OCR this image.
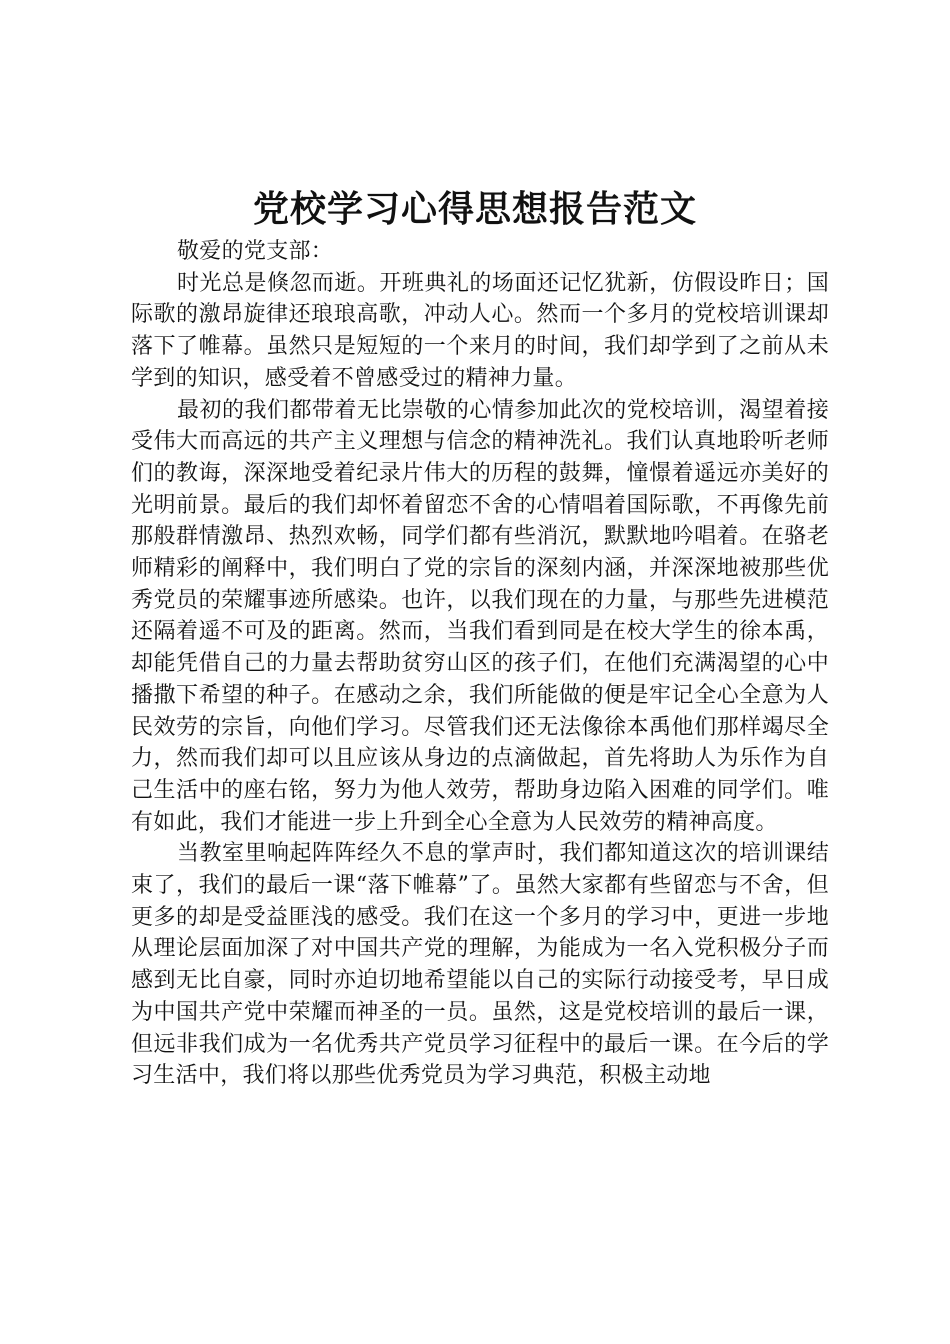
党校学习心得思想报告范文

敬爱的党支部：

时光总是倏忽而逝。开班典礼的场面还记忆犹新，仿假设昨日；国际歌的激昂旋律还琅琅高歌，冲动人心。然而一个多月的党校培训课却落下了帷幕。虽然只是短短的一个来月的时间，我们却学到了之前从未学到的知识，感受着不曾感受过的精神力量。

最初的我们都带着无比崇敬的心情参加此次的党校培训，渴望着接受伟大而高远的共产主义理想与信念的精神洗礼。我们认真地聆听老师们的教诲，深深地受着纪录片伟大的历程的鼓舞，憧憬着遥远亦美好的光明前景。最后的我们却怀着留恋不舍的心情唱着国际歌，不再像先前那般群情激昂、热烈欢畅，同学们都有些消沉，默默地吟唱着。在骆老师精彩的阐释中，我们明白了党的宗旨的深刻内涵，并深深地被那些优秀党员的荣耀事迹所感染。也许，以我们现在的力量，与那些先进模范还隔着遥不可及的距离。然而，当我们看到同是在校大学生的徐本禹，却能凭借自己的力量去帮助贫穷山区的孩子们，在他们充满渴望的心中播撒下希望的种子。在感动之余，我们所能做的便是牢记全心全意为人民效劳的宗旨，向他们学习。尽管我们还无法像徐本禹他们那样竭尽全力，然而我们却可以且应该从身边的点滴做起，首先将助人为乐作为自己生活中的座右铭，努力为他人效劳，帮助身边陷入困难的同学们。唯有如此，我们才能进一步上升到全心全意为人民效劳的精神高度。

当教室里响起阵阵经久不息的掌声时，我们都知道这次的培训课结束了，我们的最后一课“落下帷幕”了。虽然大家都有些留恋与不舍，但更多的却是受益匪浅的感受。我们在这一个多月的学习中，更进一步地从理论层面加深了对中国共产党的理解，为能成为一名入党积极分子而感到无比自豪，同时亦迫切地希望能以自己的实际行动接受考，早日成为中国共产党中荣耀而神圣的一员。虽然，这是党校培训的最后一课，但远非我们成为一名优秀共产党员学习征程中的最后一课。在今后的学习生活中，我们将以那些优秀党员为学习典范，积极主动地
